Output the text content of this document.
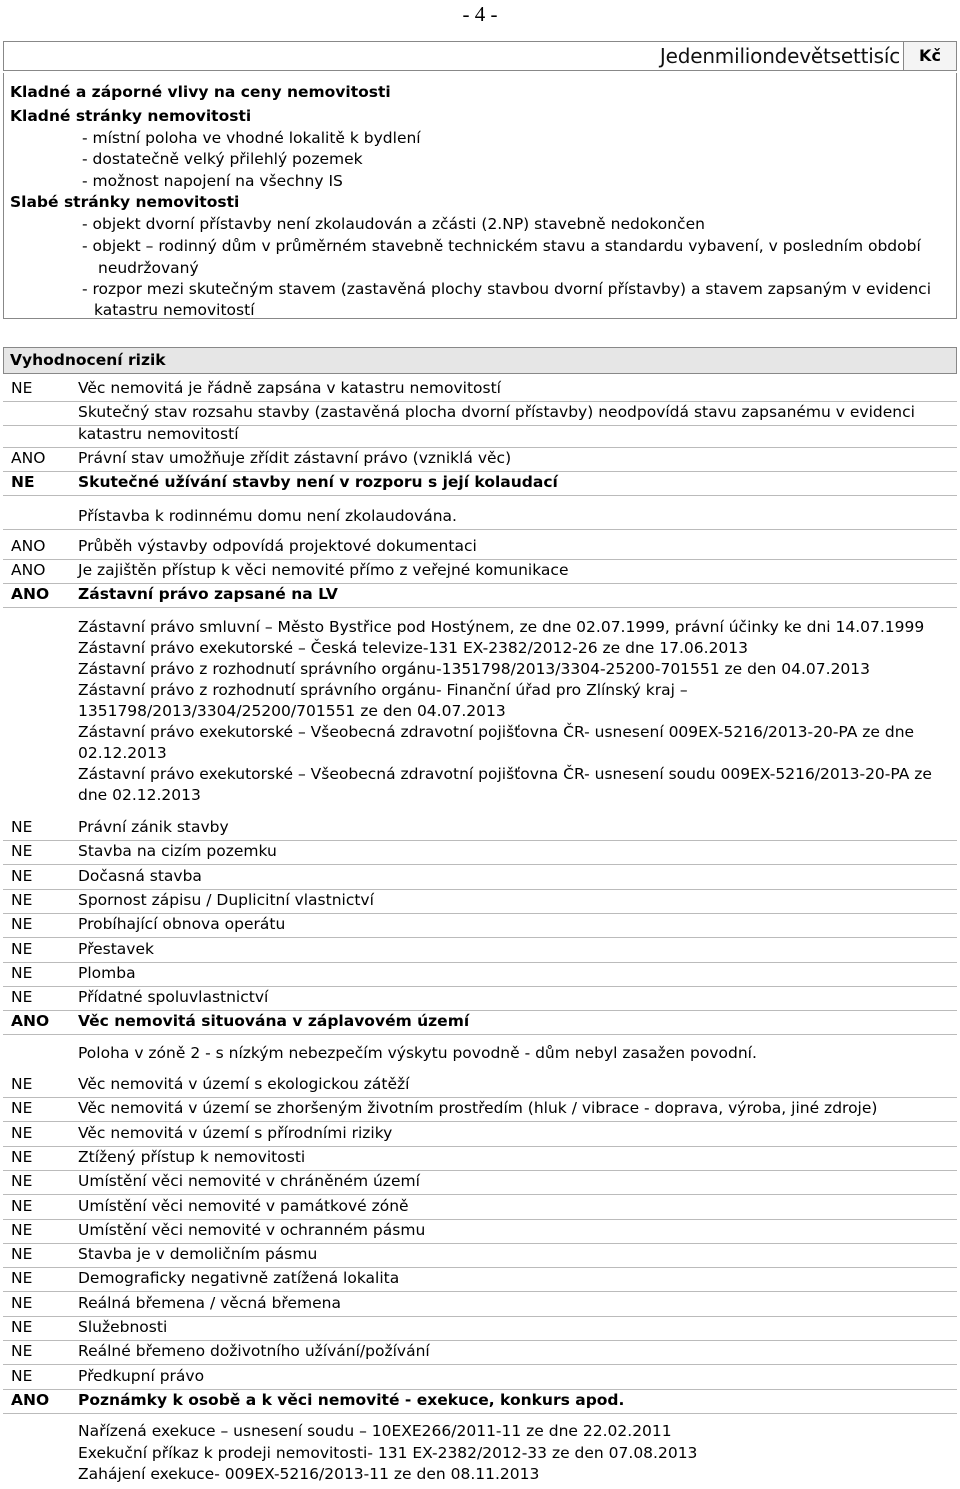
- 4 -
Jedenmiliondevětsettisíc	Kč
Kladné a záporné vlivy na ceny nemovitosti
Kladné stránky nemovitosti
- místní poloha ve vhodné lokalitě k bydlení
- dostatečně velký přilehlý pozemek
- možnost napojení na všechny IS
Slabé stránky nemovitosti
- objekt dvorní přístavby není zkolaudován a zčásti (2.NP) stavebně nedokončen
- objekt – rodinný dům v průměrném stavebně technickém stavu a standardu vybavení, v posledním období
neudržovaný
- rozpor mezi skutečným stavem (zastavěná plochy stavbou dvorní přístavby) a stavem zapsaným v evidenci
katastru nemovitostí
Vyhodnocení rizik
NE	Věc nemovitá je řádně zapsána v katastru nemovitostí
Skutečný stav rozsahu stavby (zastavěná plocha dvorní přístavby) neodpovídá stavu zapsanému v evidenci
katastru nemovitostí
ANO Právní stav umožňuje zřídit zástavní právo (vzniklá věc)
NE	Skutečné užívání stavby není v rozporu s její kolaudací
Přístavba k rodinnému domu není zkolaudována.
ANO Průběh výstavby odpovídá projektové dokumentaci
ANO Je zajištěn přístup k věci nemovité přímo z veřejné komunikace
ANO Zástavní právo zapsané na LV
NE	Právní zánik stavby
NE	Stavba na cizím pozemku
NE	Dočasná stavba
NE	Spornost zápisu / Duplicitní vlastnictví
NE	Probíhající obnova operátu
NE	Přestavek
NE	Plomba
NE	Přídatné spoluvlastnictví
ANO Věc nemovitá situována v záplavovém území
NE	Věc nemovitá v území s ekologickou zátěží
NE	Věc nemovitá v území se zhoršeným životním prostředím (hluk / vibrace - doprava, výroba, jiné zdroje)
NE	Věc nemovitá v území s přírodními riziky
NE	Ztížený přístup k nemovitosti
NE	Umístění věci nemovité v chráněném území
NE	Umístění věci nemovité v památkové zóně
NE	Umístění věci nemovité v ochranném pásmu
NE	Stavba je v demoličním pásmu
NE	Demograficky negativně zatížená lokalita
NE	Reálná břemena / věcná břemena
NE	Služebnosti
NE	Reálné břemeno doživotního užívání/požívání
NE	Předkupní právo
ANO Poznámky k osobě a k věci nemovité - exekuce, konkurs apod.
Zástavní právo smluvní – Město Bystřice pod Hostýnem, ze dne 02.07.1999, právní účinky ke dni 14.07.1999
Zástavní právo exekutorské – Česká televize-131 EX-2382/2012-26 ze dne 17.06.2013
Zástavní právo z rozhodnutí správního orgánu-1351798/2013/3304-25200-701551 ze den 04.07.2013
Zástavní právo z rozhodnutí správního orgánu- Finanční úřad pro Zlínský kraj –
1351798/2013/3304/25200/701551 ze den 04.07.2013
Zástavní právo exekutorské – Všeobecná zdravotní pojišťovna ČR- usnesení 009EX-5216/2013-20-PA ze dne
02.12.2013
Zástavní právo exekutorské – Všeobecná zdravotní pojišťovna ČR- usnesení soudu 009EX-5216/2013-20-PA ze
dne 02.12.2013
Poloha v zóně 2 - s nízkým nebezpečím výskytu povodně - dům nebyl zasažen povodní.
Nařízená exekuce – usnesení soudu – 10EXE266/2011-11 ze dne 22.02.2011
Exekuční příkaz k prodeji nemovitosti- 131 EX-2382/2012-33 ze den 07.08.2013
Zahájení exekuce- 009EX-5216/2013-11 ze den 08.11.2013
